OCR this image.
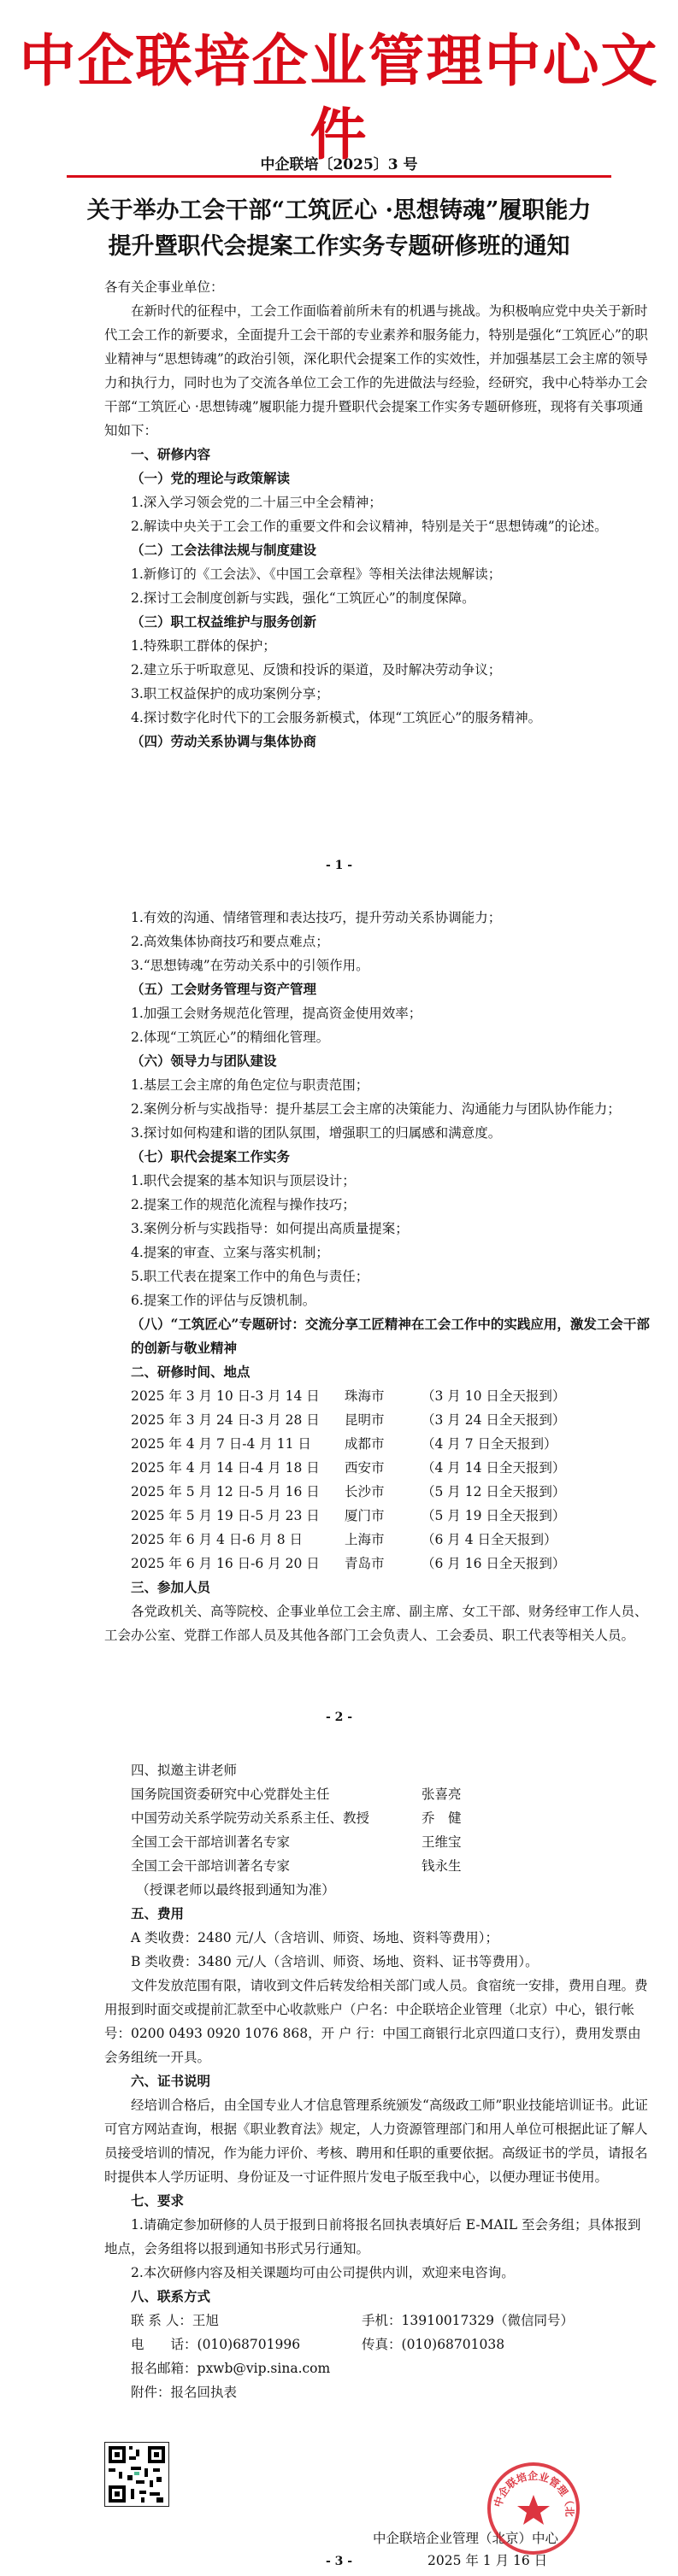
中企联培企业管理中心文件
中企联培〔2025〕3 号
关于举办工会干部“工筑匠心 ·思想铸魂”履职能力
提升暨职代会提案工作实务专题研修班的通知

各有关企事业单位：

在新时代的征程中，工会工作面临着前所未有的机遇与挑战。为积极响应党中央关于新时代工会工作的新要求，全面提升工会干部的专业素养和服务能力，特别是强化“工筑匠心”的职业精神与“思想铸魂”的政治引领，深化职代会提案工作的实效性，并加强基层工会主席的领导力和执行力，同时也为了交流各单位工会工作的先进做法与经验，经研究，我中心特举办工会干部“工筑匠心 ·思想铸魂”履职能力提升暨职代会提案工作实务专题研修班，现将有关事项通知如下：

一、研修内容

（一）党的理论与政策解读

1.深入学习领会党的二十届三中全会精神；

2.解读中央关于工会工作的重要文件和会议精神，特别是关于“思想铸魂”的论述。

（二）工会法律法规与制度建设

1.新修订的《工会法》、《中国工会章程》等相关法律法规解读；

2.探讨工会制度创新与实践，强化“工筑匠心”的制度保障。

（三）职工权益维护与服务创新

1.特殊职工群体的保护；

2.建立乐于听取意见、反馈和投诉的渠道，及时解决劳动争议；

3.职工权益保护的成功案例分享；

4.探讨数字化时代下的工会服务新模式，体现“工筑匠心”的服务精神。

（四）劳动关系协调与集体协商

- 1 -

1.有效的沟通、情绪管理和表达技巧，提升劳动关系协调能力；

2.高效集体协商技巧和要点难点；

3.“思想铸魂”在劳动关系中的引领作用。

（五）工会财务管理与资产管理

1.加强工会财务规范化管理，提高资金使用效率；

2.体现“工筑匠心”的精细化管理。

（六）领导力与团队建设

1.基层工会主席的角色定位与职责范围；

2.案例分析与实战指导：提升基层工会主席的决策能力、沟通能力与团队协作能力；

3.探讨如何构建和谐的团队氛围，增强职工的归属感和满意度。

（七）职代会提案工作实务

1.职代会提案的基本知识与顶层设计；

2.提案工作的规范化流程与操作技巧；

3.案例分析与实践指导：如何提出高质量提案；

4.提案的审查、立案与落实机制；

5.职工代表在提案工作中的角色与责任；

6.提案工作的评估与反馈机制。

（八）“工筑匠心”专题研讨：交流分享工匠精神在工会工作中的实践应用，激发工会干部的创新与敬业精神

二、研修时间、地点

2025 年 3 月 10 日-3 月 14 日	珠海市	（3 月 10 日全天报到）
2025 年 3 月 24 日-3 月 28 日	昆明市	（3 月 24 日全天报到）
2025 年 4 月 7 日-4 月 11 日	成都市	（4 月 7 日全天报到）
2025 年 4 月 14 日-4 月 18 日	西安市	（4 月 14 日全天报到）
2025 年 5 月 12 日-5 月 16 日	长沙市	（5 月 12 日全天报到）
2025 年 5 月 19 日-5 月 23 日	厦门市	（5 月 19 日全天报到）
2025 年 6 月 4 日-6 月 8 日	上海市	（6 月 4 日全天报到）
2025 年 6 月 16 日-6 月 20 日	青岛市	（6 月 16 日全天报到）

三、参加人员

各党政机关、高等院校、企事业单位工会主席、副主席、女工干部、财务经审工作人员、工会办公室、党群工作部人员及其他各部门工会负责人、工会委员、职工代表等相关人员。

- 2 -

四、拟邀主讲老师

国务院国资委研究中心党群处主任	张喜亮
中国劳动关系学院劳动关系系主任、教授	乔　健
全国工会干部培训著名专家	王维宝
全国工会干部培训著名专家	钱永生

（授课老师以最终报到通知为准）

五、费用

A 类收费：2480 元/人（含培训、师资、场地、资料等费用）；

B 类收费：3480 元/人（含培训、师资、场地、资料、证书等费用）。

文件发放范围有限，请收到文件后转发给相关部门或人员。食宿统一安排，费用自理。费用报到时面交或提前汇款至中心收款账户（户名：中企联培企业管理（北京）中心，银行帐号：0200 0493 0920 1076 868，开 户 行：中国工商银行北京四道口支行），费用发票由会务组统一开具。

六、证书说明

经培训合格后，由全国专业人才信息管理系统颁发“高级政工师”职业技能培训证书。此证可官方网站查询，根据《职业教育法》规定，人力资源管理部门和用人单位可根据此证了解人员接受培训的情况，作为能力评价、考核、聘用和任职的重要依据。高级证书的学员，请报名时提供本人学历证明、身份证及一寸证件照片发电子版至我中心，以便办理证书使用。

七、要求

1.请确定参加研修的人员于报到日前将报名回执表填好后 E-MAIL 至会务组；具体报到地点，会务组将以报到通知书形式另行通知。

2.本次研修内容及相关课题均可由公司提供内训，欢迎来电咨询。

八、联系方式

联 系 人：王旭	手机：13910017329（微信同号）
电　　话：(010)68701996	传真：(010)68701038
报名邮箱：pxwb@vip.sina.com
附件：报名回执表
中企联培企业管理（北京）中心
2025 年 1 月 16 日
中企联培企业管理（北
- 3 -
